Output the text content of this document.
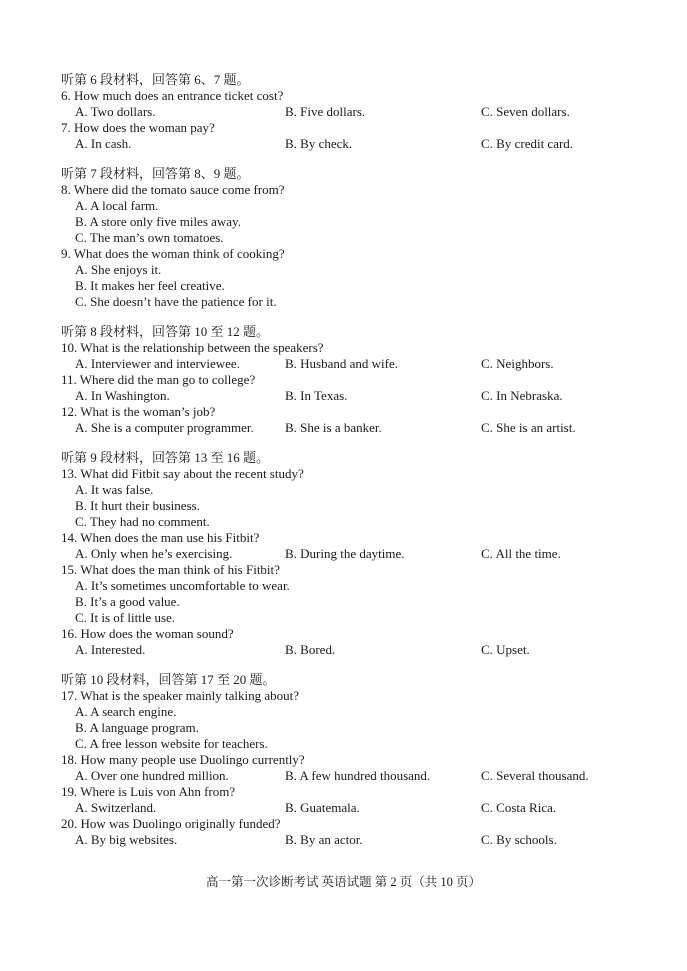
听第 6 段材料，回答第 6、7 题。
6. How much does an entrance ticket cost?
A. Two dollars.	B. Five dollars.	C. Seven dollars.
7. How does the woman pay?
A. In cash.	B. By check.	C. By credit card.
听第 7 段材料，回答第 8、9 题。
8. Where did the tomato sauce come from?
A. A local farm.
B. A store only five miles away.
C. The man’s own tomatoes.
9. What does the woman think of cooking?
A. She enjoys it.
B. It makes her feel creative.
C. She doesn’t have the patience for it.
听第 8 段材料，回答第 10 至 12 题。
10. What is the relationship between the speakers?
A. Interviewer and interviewee.	B. Husband and wife.	C. Neighbors.
11. Where did the man go to college?
A. In Washington.	B. In Texas.	C. In Nebraska.
12. What is the woman’s job?
A. She is a computer programmer. B. She is a banker.	C. She is an artist.
听第 9 段材料，回答第 13 至 16 题。
13. What did Fitbit say about the recent study?
A. It was false.
B. It hurt their business.
C. They had no comment.
14. When does the man use his Fitbit?
A. Only when he’s exercising.	B. During the daytime.	C. All the time.
15. What does the man think of his Fitbit?
A. It’s sometimes uncomfortable to wear.
B. It’s a good value.
C. It is of little use.
16. How does the woman sound?
A. Interested.	B. Bored.	C. Upset.
听第 10 段材料，回答第 17 至 20 题。
17. What is the speaker mainly talking about?
A. A search engine.
B. A language program.
C. A free lesson website for teachers.
18. How many people use Duolingo currently?
A. Over one hundred million.	B. A few hundred thousand.	C. Several thousand.
19. Where is Luis von Ahn from?
A. Switzerland.	B. Guatemala.	C. Costa Rica.
20. How was Duolingo originally funded?
A. By big websites.	B. By an actor.	C. By schools.
高一第一次诊断考试 英语试题 第 2 页（共 10 页）
